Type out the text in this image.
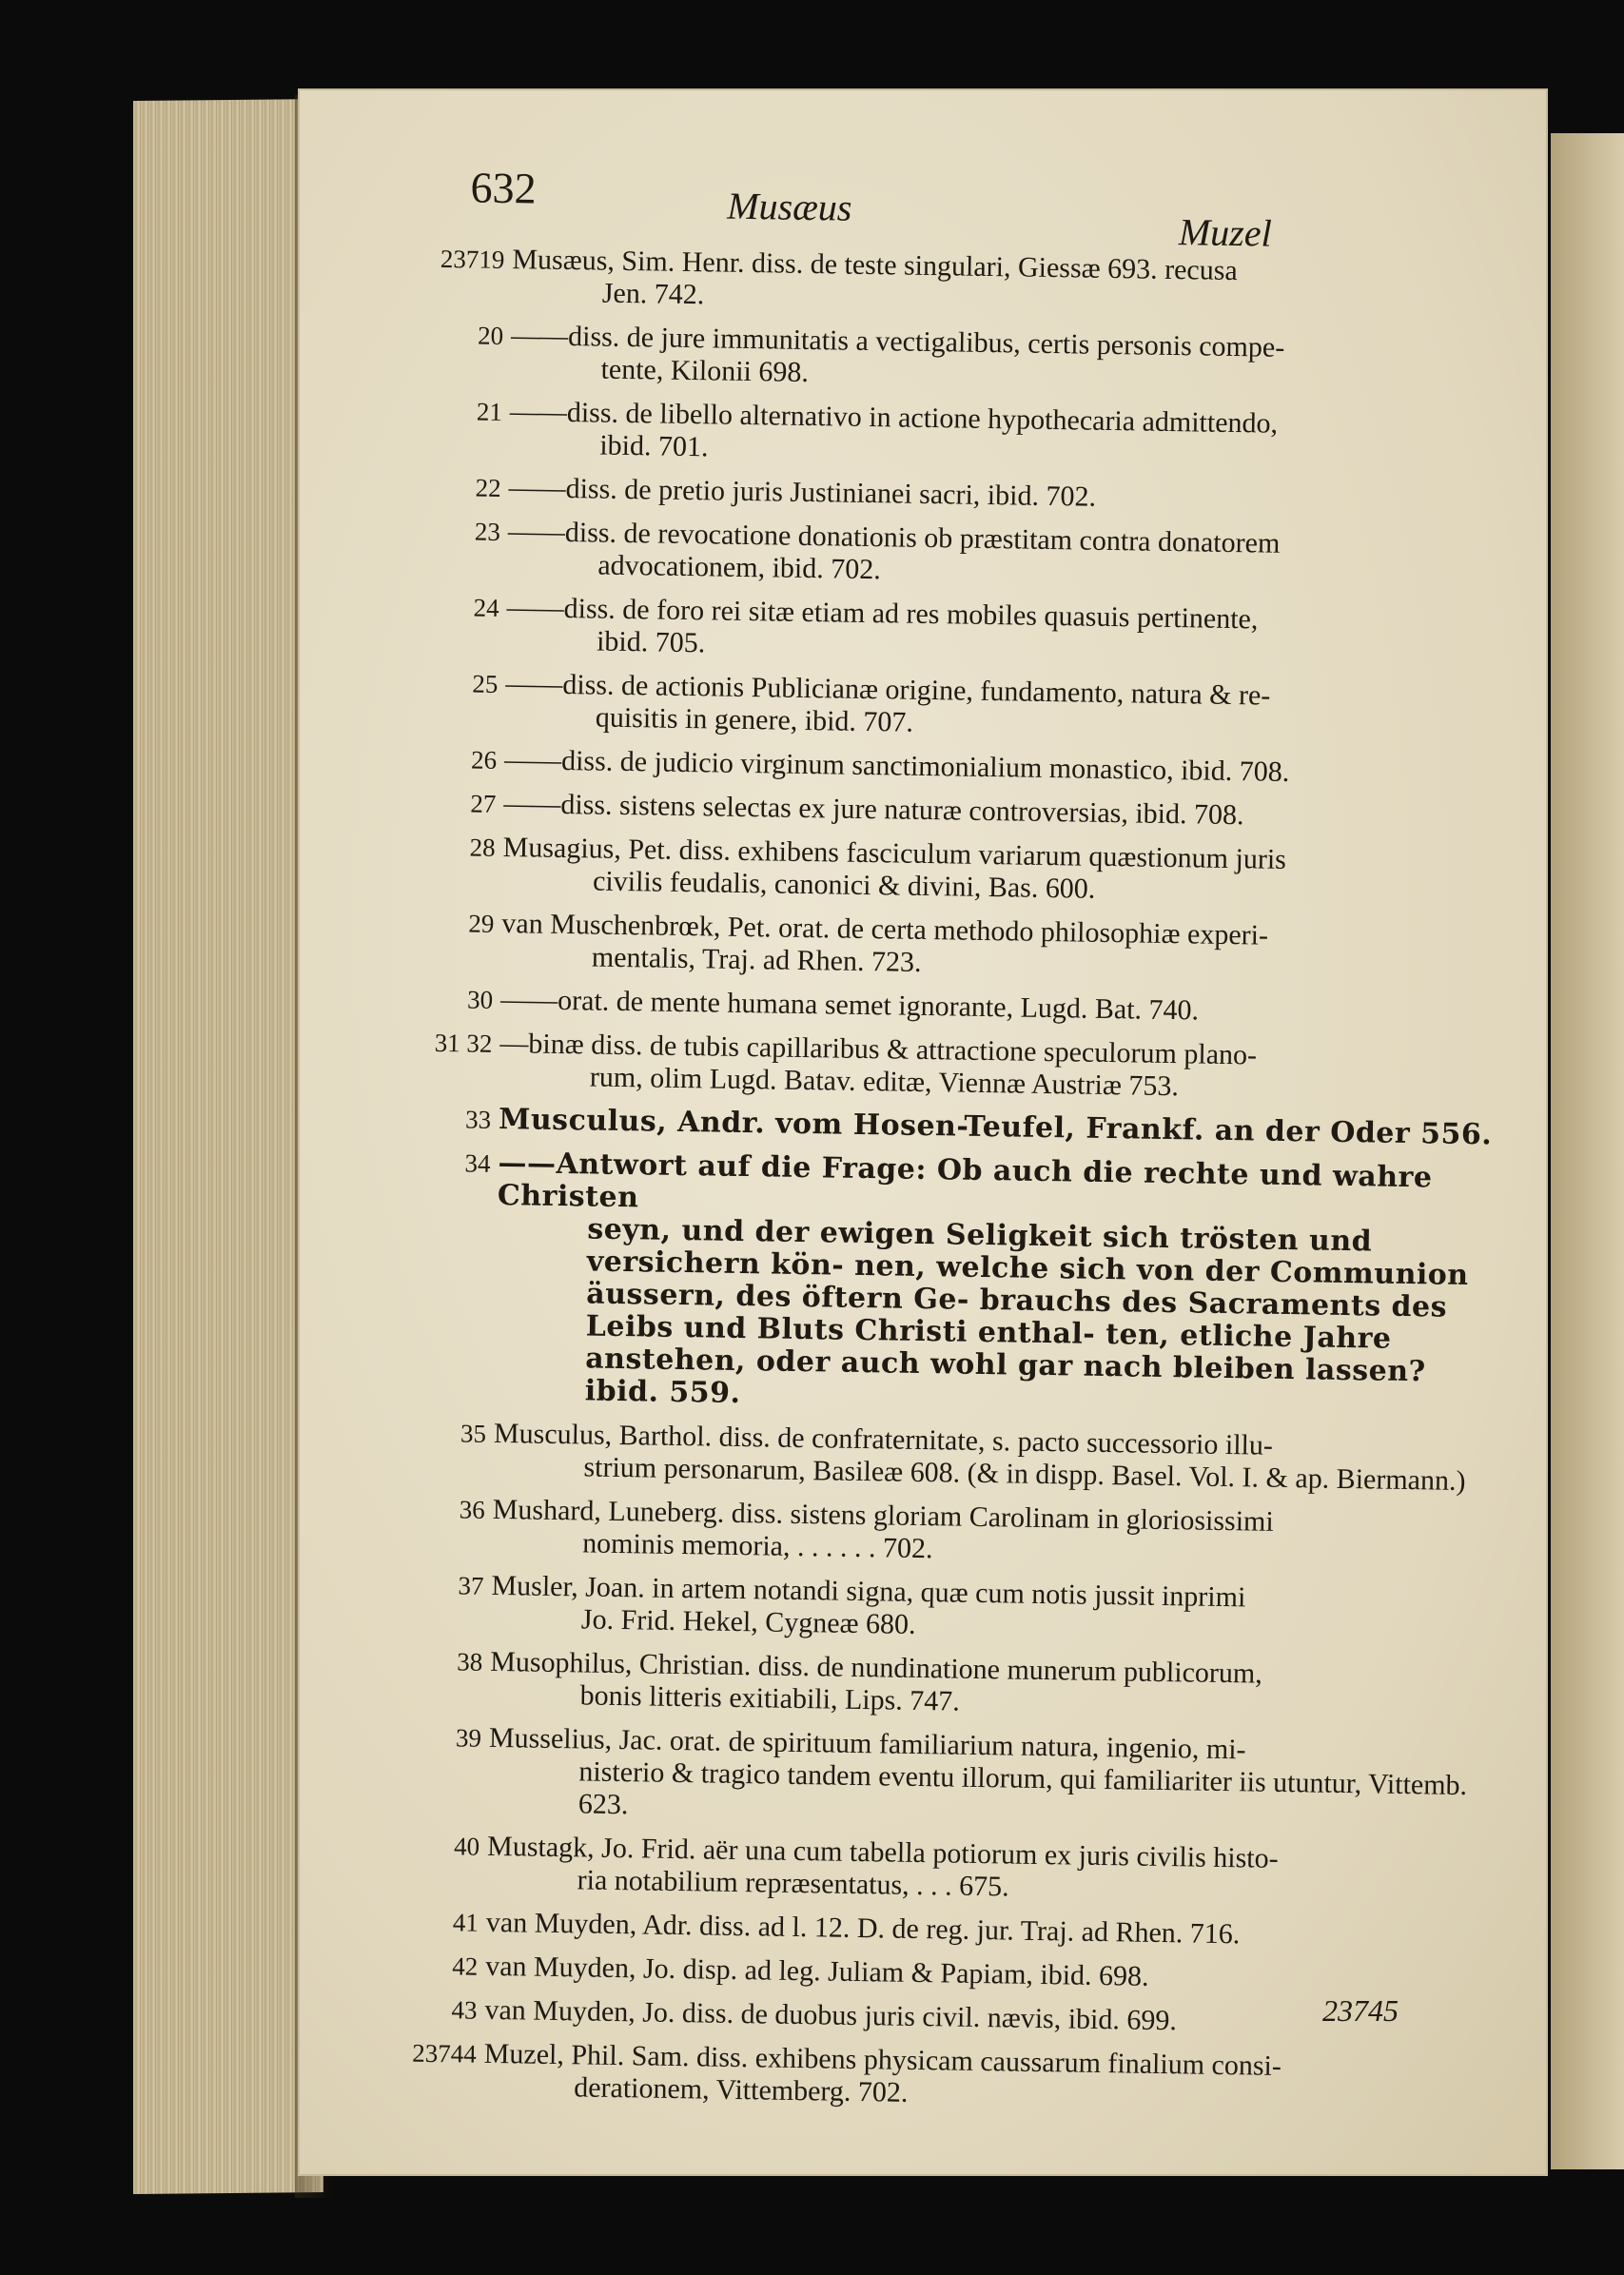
632	Musæus
Muzel
23719 Musæus, Sim. Henr. diss. de teste singulari, Giessæ 693. recusa
Jen. 742.
20 ——diss. de jure immunitatis a vectigalibus, certis personis compe-
tente, Kilonii 698.
21 ——diss. de libello alternativo in actione hypothecaria admittendo,
ibid. 701.
22 ——diss. de pretio juris Justinianei sacri, ibid. 702.
23 ——diss. de revocatione donationis ob præstitam contra donatorem
advocationem, ibid. 702.
24 ——diss. de foro rei sitæ etiam ad res mobiles quasuis pertinente,
ibid. 705.
25 ——diss. de actionis Publicianæ origine, fundamento, natura & re-
quisitis in genere, ibid. 707.
26 ——diss. de judicio virginum sanctimonialium monastico, ibid. 708.
27 ——diss. sistens selectas ex jure naturæ controversias, ibid. 708.
28 Musagius, Pet. diss. exhibens fasciculum variarum quæstionum juris
civilis feudalis, canonici & divini, Bas. 600.
29 van Muschenbrœk, Pet. orat. de certa methodo philosophiæ experi-
mentalis, Traj. ad Rhen. 723.
30 ——orat. de mente humana semet ignorante, Lugd. Bat. 740.
31 32 —binæ diss. de tubis capillaribus & attractione speculorum plano-
rum, olim Lugd. Batav. editæ, Viennæ Austriæ 753.
33 Musculus, Andr. vom Hosen-Teufel, Frankf. an der Oder 556.
34 ——Antwort auf die Frage: Ob auch die rechte und wahre Christen
seyn, und der ewigen Seligkeit sich trösten und versichern kön- nen, welche sich von der Communion äussern, des öftern Ge- brauchs des Sacraments des Leibs und Bluts Christi enthal- ten, etliche Jahre anstehen, oder auch wohl gar nach bleiben lassen? ibid. 559.
35 Musculus, Barthol. diss. de confraternitate, s. pacto successorio illu-
strium personarum, Basileæ 608. (& in dispp. Basel. Vol. I. & ap. Biermann.)
36 Mushard, Luneberg. diss. sistens gloriam Carolinam in gloriosissimi
nominis memoria, . . . . . . 702.
37 Musler, Joan. in artem notandi signa, quæ cum notis jussit inprimi
Jo. Frid. Hekel, Cygneæ 680.
38 Musophilus, Christian. diss. de nundinatione munerum publicorum,
bonis litteris exitiabili, Lips. 747.
39 Musselius, Jac. orat. de spirituum familiarium natura, ingenio, mi-
nisterio & tragico tandem eventu illorum, qui familiariter iis utuntur, Vittemb. 623.
40 Mustagk, Jo. Frid. aër una cum tabella potiorum ex juris civilis histo-
ria notabilium repræsentatus, . . . 675.
41 van Muyden, Adr. diss. ad l. 12. D. de reg. jur. Traj. ad Rhen. 716.
42 van Muyden, Jo. disp. ad leg. Juliam & Papiam, ibid. 698.
43 van Muyden, Jo. diss. de duobus juris civil. nævis, ibid. 699.
23744 Muzel, Phil. Sam. diss. exhibens physicam caussarum finalium consi-
derationem, Vittemberg. 702.
23745
